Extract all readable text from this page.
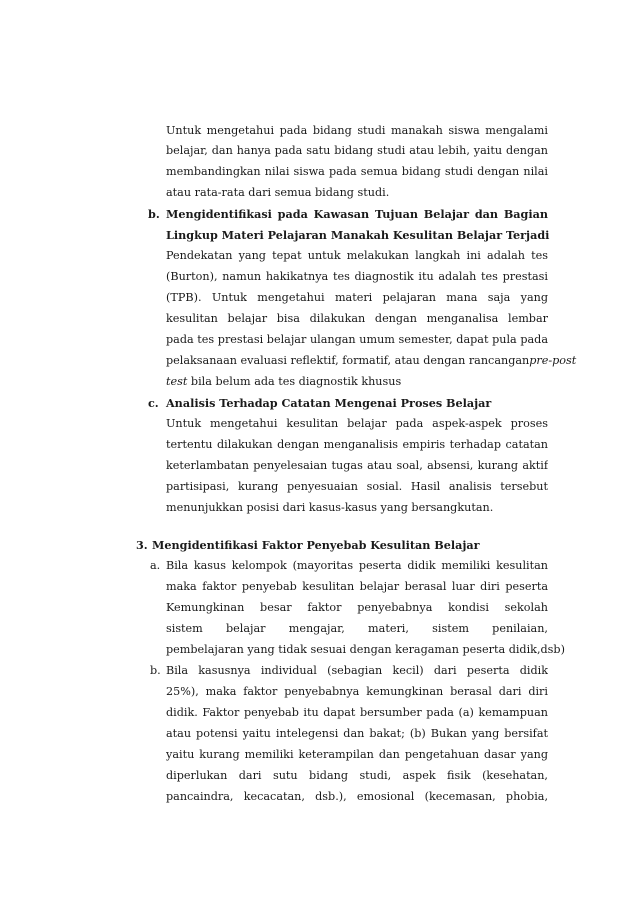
Untuk mengetahui pada bidang studi manakah siswa mengalami
belajar, dan hanya pada satu bidang studi atau lebih, yaitu dengan
membandingkan nilai siswa pada semua bidang studi dengan nilai
atau rata-rata dari semua bidang studi.
b. Mengidentifikasi pada Kawasan Tujuan Belajar dan Bagian
Lingkup Materi Pelajaran Manakah Kesulitan Belajar Terjadi
Pendekatan yang tepat untuk melakukan langkah ini adalah tes
(Burton), namun hakikatnya tes diagnostik itu adalah tes prestasi
(TPB). Untuk mengetahui materi pelajaran mana saja yang
kesulitan belajar bisa dilakukan dengan menganalisa lembar
pada tes prestasi belajar ulangan umum semester, dapat pula pada
pelaksanaan evaluasi reflektif, formatif, atau dengan rancangan pre-post
test bila belum ada tes diagnostik khusus
c. Analisis Terhadap Catatan Mengenai Proses Belajar
Untuk mengetahui kesulitan belajar pada aspek-aspek proses
tertentu dilakukan dengan menganalisis empiris terhadap catatan
keterlambatan penyelesaian tugas atau soal, absensi, kurang aktif
partisipasi, kurang penyesuaian sosial. Hasil analisis tersebut
menunjukkan posisi dari kasus-kasus yang bersangkutan.
3. Mengidentifikasi Faktor Penyebab Kesulitan Belajar
a. Bila kasus kelompok (mayoritas peserta didik memiliki kesulitan
maka faktor penyebab kesulitan belajar berasal luar diri peserta
Kemungkinan besar faktor penyebabnya kondisi sekolah
sistem belajar mengajar, materi, sistem penilaian,
pembelajaran yang tidak sesuai dengan keragaman peserta didik,dsb)
b. Bila kasusnya individual (sebagian kecil) dari peserta didik
25%), maka faktor penyebabnya kemungkinan berasal dari diri
didik. Faktor penyebab itu dapat bersumber pada (a) kemampuan
atau potensi yaitu intelegensi dan bakat; (b) Bukan yang bersifat
yaitu kurang memiliki keterampilan dan pengetahuan dasar yang
diperlukan dari sutu bidang studi, aspek fisik (kesehatan,
pancaindra, kecacatan, dsb.), emosional (kecemasan, phobia,
